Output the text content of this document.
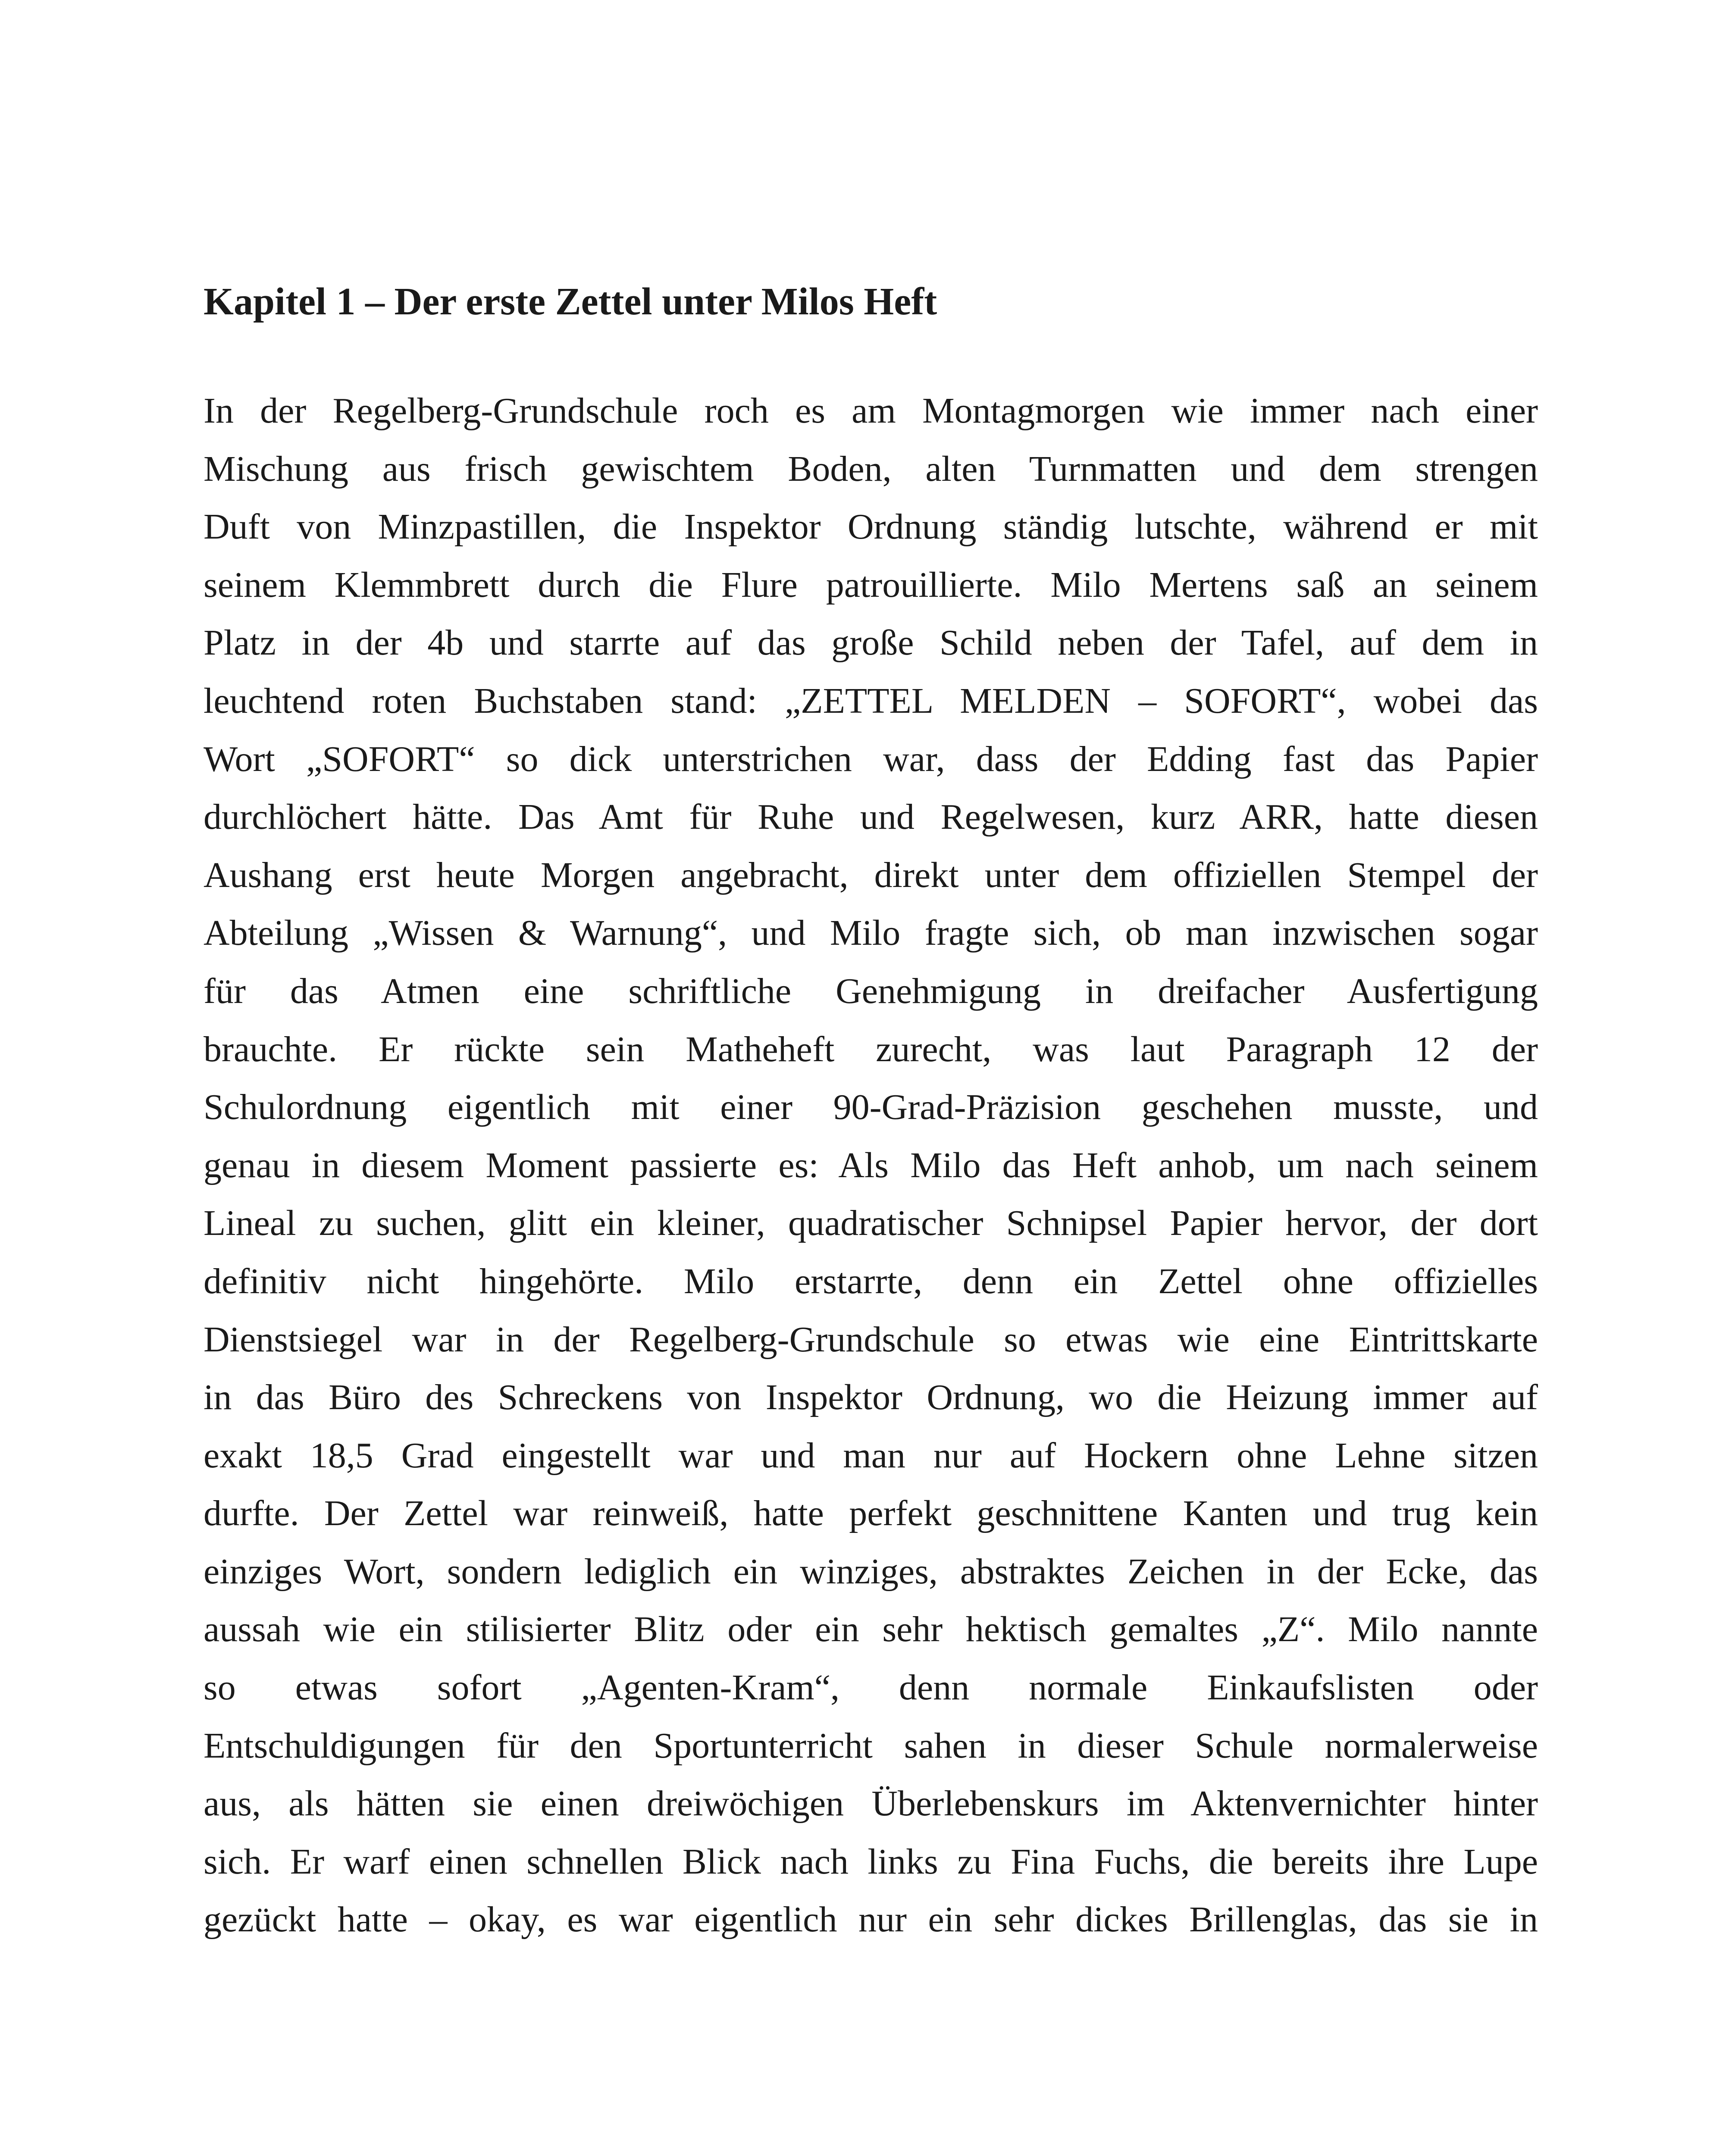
Kapitel 1 – Der erste Zettel unter Milos Heft
In der Regelberg-Grundschule roch es am Montagmorgen wie immer nach einer
Mischung aus frisch gewischtem Boden, alten Turnmatten und dem strengen
Duft von Minzpastillen, die Inspektor Ordnung ständig lutschte, während er mit
seinem Klemmbrett durch die Flure patrouillierte. Milo Mertens saß an seinem
Platz in der 4b und starrte auf das große Schild neben der Tafel, auf dem in
leuchtend roten Buchstaben stand: „ZETTEL MELDEN – SOFORT“, wobei das
Wort „SOFORT“ so dick unterstrichen war, dass der Edding fast das Papier
durchlöchert hätte. Das Amt für Ruhe und Regelwesen, kurz ARR, hatte diesen
Aushang erst heute Morgen angebracht, direkt unter dem offiziellen Stempel der
Abteilung „Wissen & Warnung“, und Milo fragte sich, ob man inzwischen sogar
für das Atmen eine schriftliche Genehmigung in dreifacher Ausfertigung
brauchte. Er rückte sein Matheheft zurecht, was laut Paragraph 12 der
Schulordnung eigentlich mit einer 90-Grad-Präzision geschehen musste, und
genau in diesem Moment passierte es: Als Milo das Heft anhob, um nach seinem
Lineal zu suchen, glitt ein kleiner, quadratischer Schnipsel Papier hervor, der dort
definitiv nicht hingehörte. Milo erstarrte, denn ein Zettel ohne offizielles
Dienstsiegel war in der Regelberg-Grundschule so etwas wie eine Eintrittskarte
in das Büro des Schreckens von Inspektor Ordnung, wo die Heizung immer auf
exakt 18,5 Grad eingestellt war und man nur auf Hockern ohne Lehne sitzen
durfte. Der Zettel war reinweiß, hatte perfekt geschnittene Kanten und trug kein
einziges Wort, sondern lediglich ein winziges, abstraktes Zeichen in der Ecke, das
aussah wie ein stilisierter Blitz oder ein sehr hektisch gemaltes „Z“. Milo nannte
so etwas sofort „Agenten-Kram“, denn normale Einkaufslisten oder
Entschuldigungen für den Sportunterricht sahen in dieser Schule normalerweise
aus, als hätten sie einen dreiwöchigen Überlebenskurs im Aktenvernichter hinter
sich. Er warf einen schnellen Blick nach links zu Fina Fuchs, die bereits ihre Lupe
gezückt hatte – okay, es war eigentlich nur ein sehr dickes Brillenglas, das sie in
